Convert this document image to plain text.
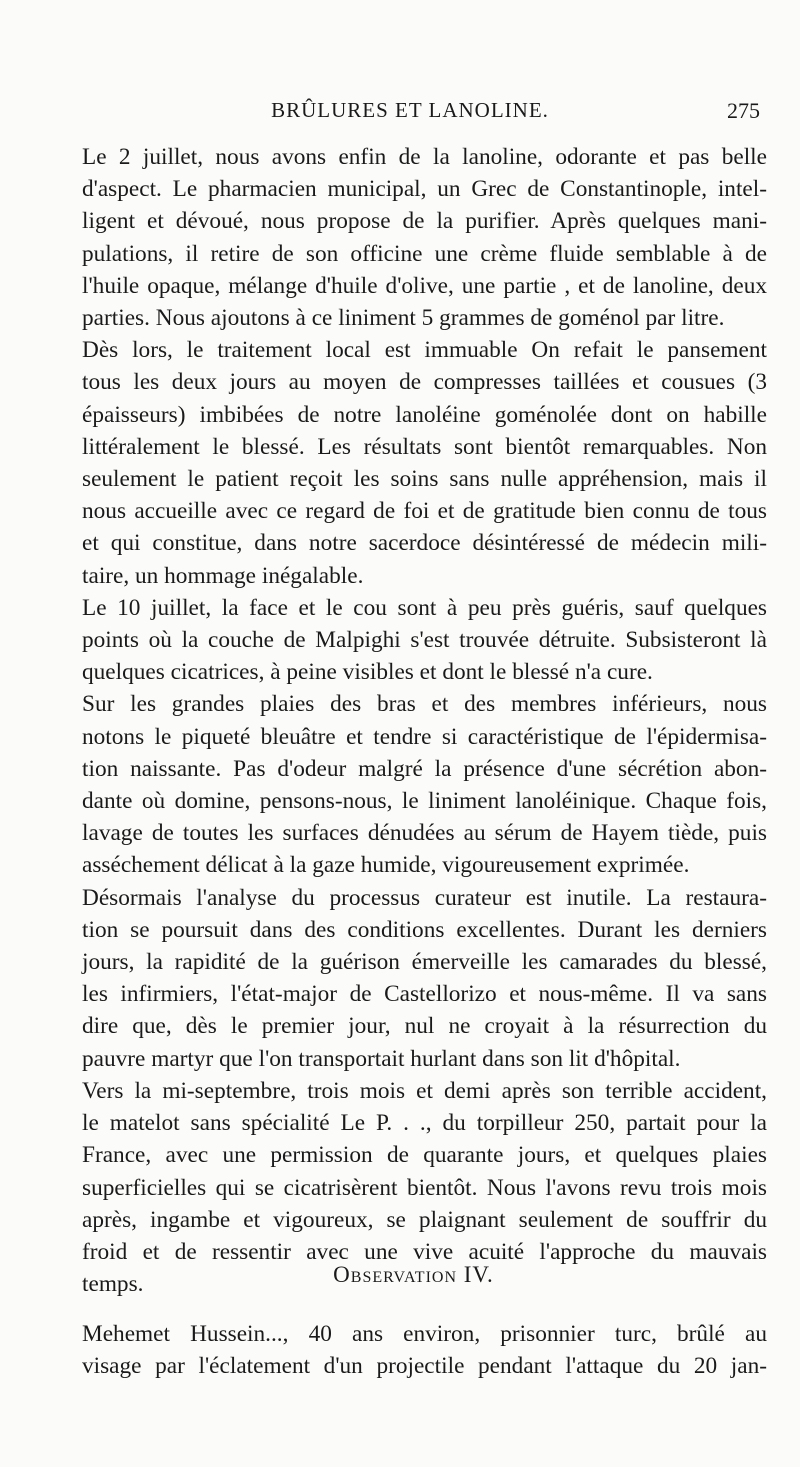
BRÛLURES ET LANOLINE.	275

Le 2 juillet, nous avons enfin de la lanoline, odorante et pas belle
d'aspect. Le pharmacien municipal, un Grec de Constantinople, intel-
ligent et dévoué, nous propose de la purifier. Après quelques mani-
pulations, il retire de son officine une crème fluide semblable à de
l'huile opaque, mélange d'huile d'olive, une partie , et de lanoline, deux
parties. Nous ajoutons à ce liniment 5 grammes de goménol par litre.

Dès lors, le traitement local est immuable On refait le pansement
tous les deux jours au moyen de compresses taillées et cousues (3
épaisseurs) imbibées de notre lanoléine goménolée dont on habille
littéralement le blessé. Les résultats sont bientôt remarquables. Non
seulement le patient reçoit les soins sans nulle appréhension, mais il
nous accueille avec ce regard de foi et de gratitude bien connu de tous
et qui constitue, dans notre sacerdoce désintéressé de médecin mili-
taire, un hommage inégalable.

Le 10 juillet, la face et le cou sont à peu près guéris, sauf quelques
points où la couche de Malpighi s'est trouvée détruite. Subsisteront là
quelques cicatrices, à peine visibles et dont le blessé n'a cure.

Sur les grandes plaies des bras et des membres inférieurs, nous
notons le piqueté bleuâtre et tendre si caractéristique de l'épidermisa-
tion naissante. Pas d'odeur malgré la présence d'une sécrétion abon-
dante où domine, pensons-nous, le liniment lanoléinique. Chaque fois,
lavage de toutes les surfaces dénudées au sérum de Hayem tiède, puis
asséchement délicat à la gaze humide, vigoureusement exprimée.

Désormais l'analyse du processus curateur est inutile. La restaura-
tion se poursuit dans des conditions excellentes. Durant les derniers
jours, la rapidité de la guérison émerveille les camarades du blessé,
les infirmiers, l'état-major de Castellorizo et nous-même. Il va sans
dire que, dès le premier jour, nul ne croyait à la résurrection du
pauvre martyr que l'on transportait hurlant dans son lit d'hôpital.

Vers la mi-septembre, trois mois et demi après son terrible accident,
le matelot sans spécialité Le P. . ., du torpilleur 250, partait pour la
France, avec une permission de quarante jours, et quelques plaies
superficielles qui se cicatrisèrent bientôt. Nous l'avons revu trois mois
après, ingambe et vigoureux, se plaignant seulement de souffrir du
froid et de ressentir avec une vive acuité l'approche du mauvais
temps.	Observation IV.

Mehemet Hussein..., 40 ans environ, prisonnier turc, brûlé au
visage par l'éclatement d'un projectile pendant l'attaque du 20 jan-
